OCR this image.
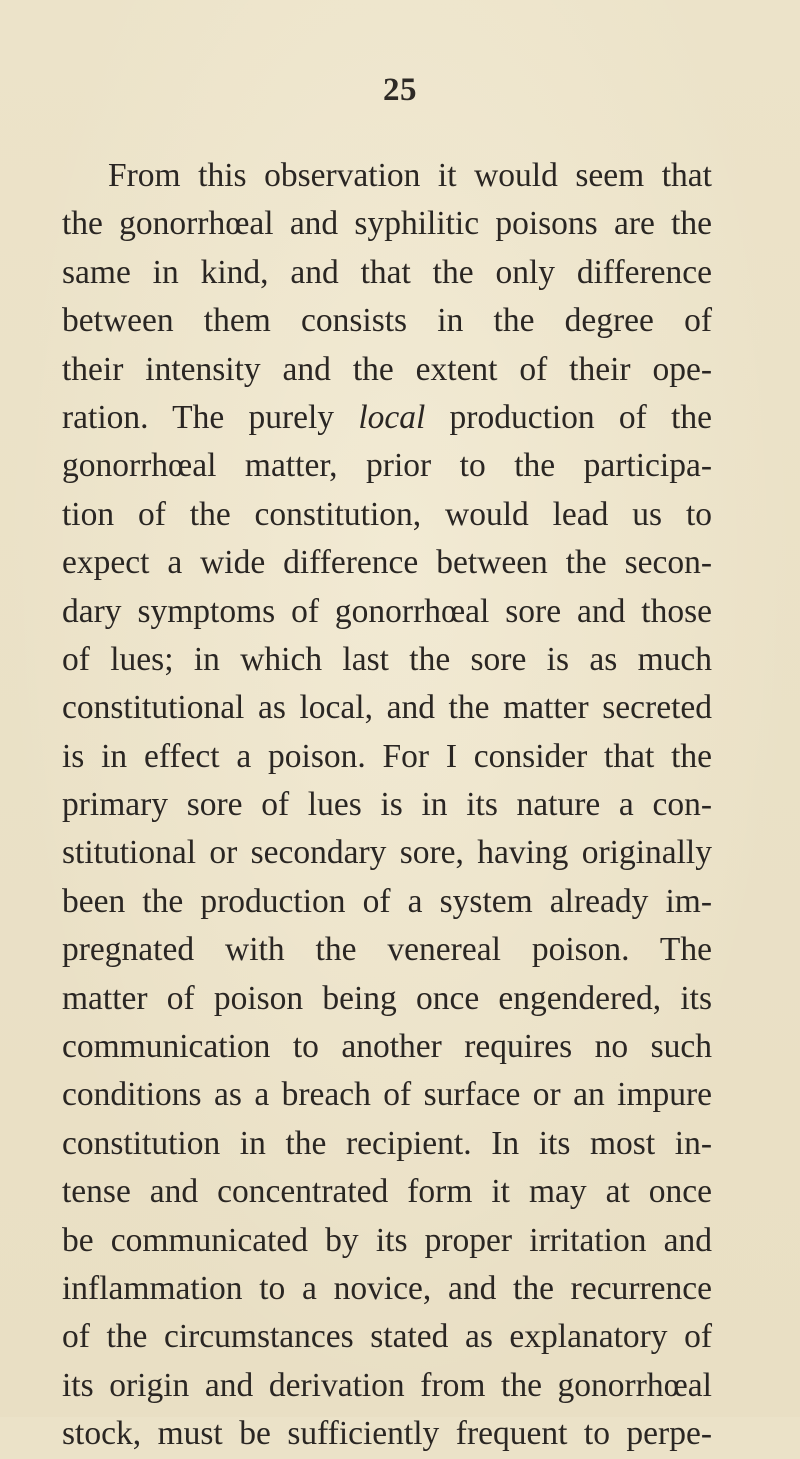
25
From this observation it would seem that
the gonorrhœal and syphilitic poisons are the
same in kind, and that the only difference
between them consists in the degree of
their intensity and the extent of their ope-
ration. The purely local production of the
gonorrhœal matter, prior to the participa-
tion of the constitution, would lead us to
expect a wide difference between the secon-
dary symptoms of gonorrhœal sore and those
of lues; in which last the sore is as much
constitutional as local, and the matter secreted
is in effect a poison. For I consider that the
primary sore of lues is in its nature a con-
stitutional or secondary sore, having originally
been the production of a system already im-
pregnated with the venereal poison. The
matter of poison being once engendered, its
communication to another requires no such
conditions as a breach of surface or an impure
constitution in the recipient. In its most in-
tense and concentrated form it may at once
be communicated by its proper irritation and
inflammation to a novice, and the recurrence
of the circumstances stated as explanatory of
its origin and derivation from the gonorrhœal
stock, must be sufficiently frequent to perpe-
